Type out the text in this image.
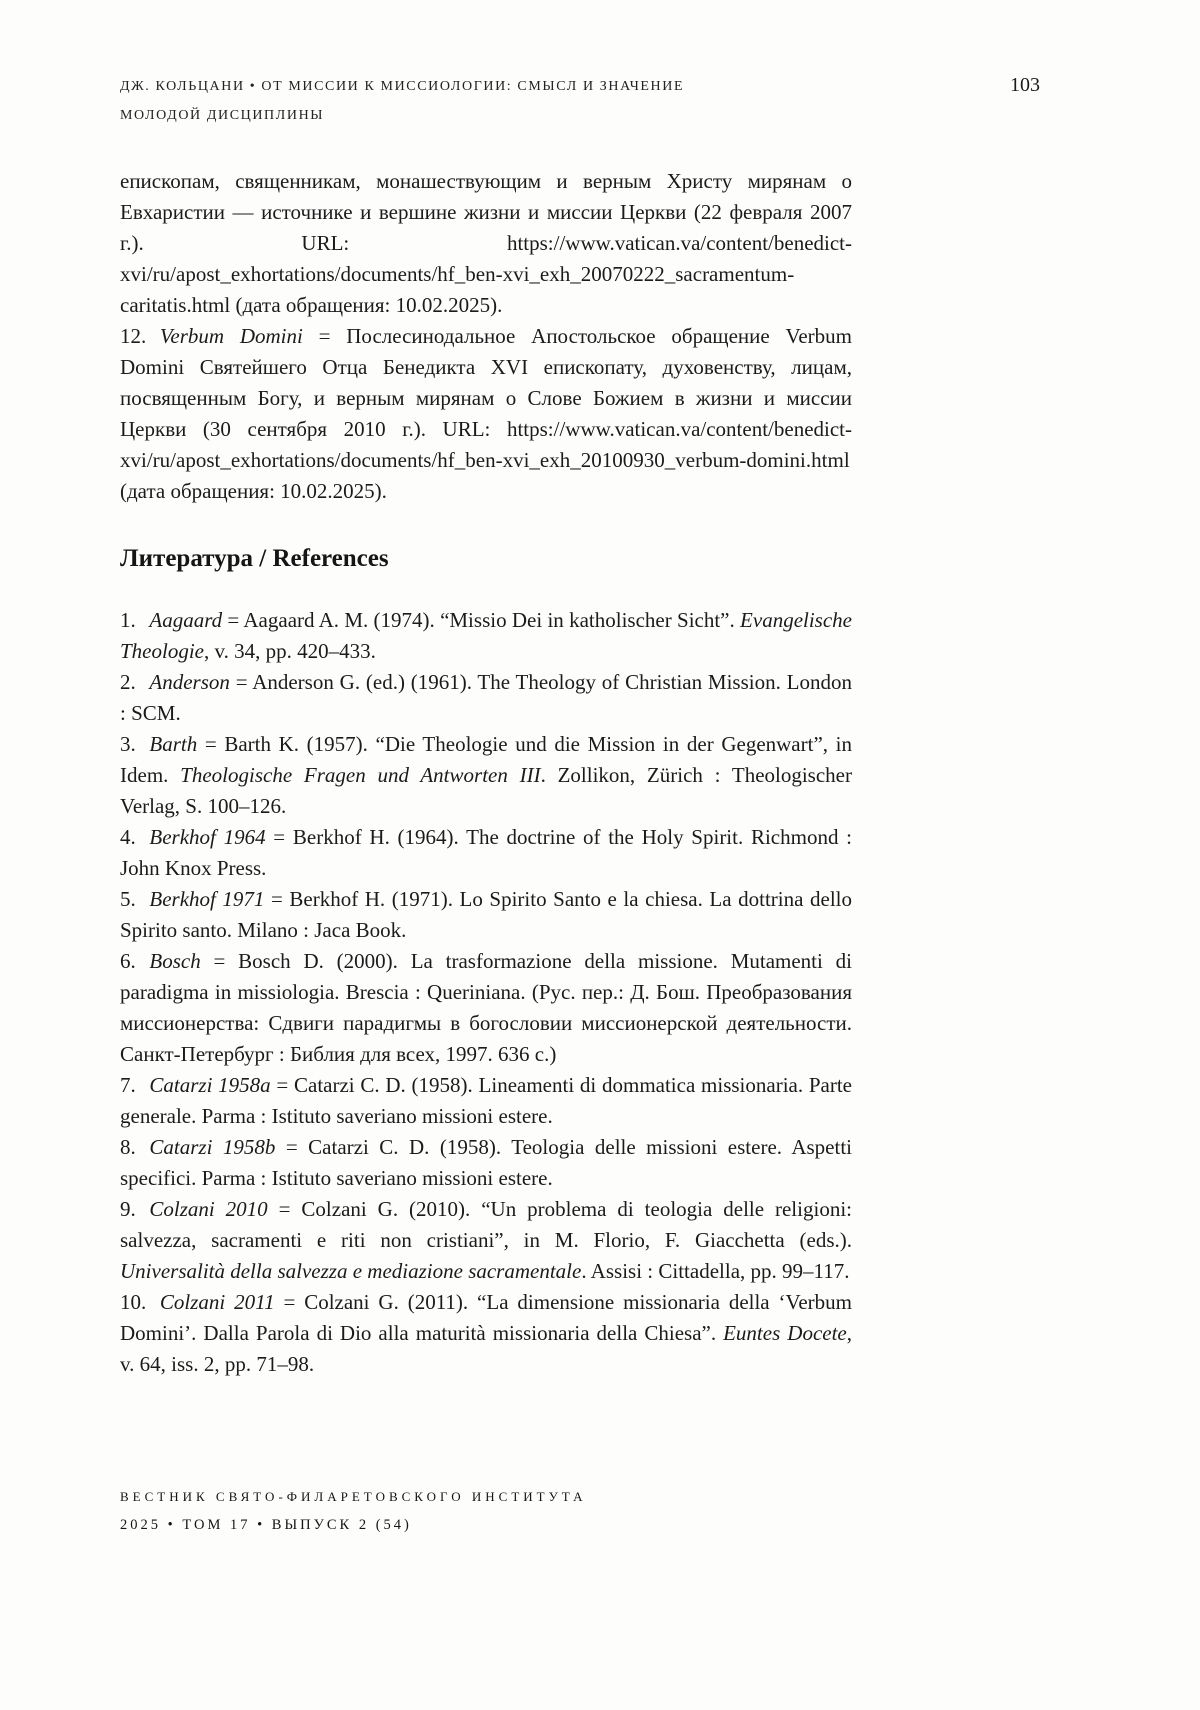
ДЖ. КОЛЬЦАНИ • ОТ МИССИИ К МИССИОЛОГИИ: СМЫСЛ И ЗНАЧЕНИЕ
МОЛОДОЙ ДИСЦИПЛИНЫ
103

епископам, священникам, монашествующим и верным Христу мирянам о Евхаристии — источнике и вершине жизни и миссии Церкви (22 февраля 2007 г.). URL: https://www.vatican.va/content/benedict-xvi/ru/apost_exhortations/documents/hf_ben-xvi_exh_20070222_sacramentum-caritatis.html (дата обращения: 10.02.2025).

12. Verbum Domini = Послесинодальное Апостольское обращение Verbum Domini Святейшего Отца Бенедикта XVI епископату, духовенству, лицам, посвященным Богу, и верным мирянам о Слове Божием в жизни и миссии Церкви (30 сентября 2010 г.). URL: https://www.vatican.va/content/benedict-xvi/ru/apost_exhortations/documents/hf_ben-xvi_exh_20100930_verbum-domini.html (дата обращения: 10.02.2025).

Литература / References

1. Aagaard = Aagaard A. M. (1974). “Missio Dei in katholischer Sicht”. Evangelische Theologie, v. 34, pp. 420–433.

2. Anderson = Anderson G. (ed.) (1961). The Theology of Christian Mission. London : SCM.

3. Barth = Barth K. (1957). “Die Theologie und die Mission in der Gegenwart”, in Idem. Theologische Fragen und Antworten III. Zollikon, Zürich : Theologischer Verlag, S. 100–126.

4. Berkhof 1964 = Berkhof H. (1964). The doctrine of the Holy Spirit. Richmond : John Knox Press.

5. Berkhof 1971 = Berkhof H. (1971). Lo Spirito Santo e la chiesa. La dottrina dello Spirito santo. Milano : Jaca Book.

6. Bosch = Bosch D. (2000). La trasformazione della missione. Mutamenti di paradigma in missiologia. Brescia : Queriniana. (Рус. пер.: Д. Бош. Преобразования миссионерства: Сдвиги парадигмы в богословии миссионерской деятельности. Санкт-Петербург : Библия для всех, 1997. 636 с.)

7. Catarzi 1958a = Catarzi C. D. (1958). Lineamenti di dommatica missionaria. Parte generale. Parma : Istituto saveriano missioni estere.

8. Catarzi 1958b = Catarzi C. D. (1958). Teologia delle missioni estere. Aspetti specifici. Parma : Istituto saveriano missioni estere.

9. Colzani 2010 = Colzani G. (2010). “Un problema di teologia delle religioni: salvezza, sacramenti e riti non cristiani”, in M. Florio, F. Giacchetta (eds.). Universalità della salvezza e mediazione sacramentale. Assisi : Cittadella, pp. 99–117.

10. Colzani 2011 = Colzani G. (2011). “La dimensione missionaria della ‘Verbum Domini’. Dalla Parola di Dio alla maturità missionaria della Chiesa”. Euntes Docete, v. 64, iss. 2, pp. 71–98.

ВЕСТНИК СВЯТО-ФИЛАРЕТОВСКОГО ИНСТИТУТА
2025 • ТОМ 17 • ВЫПУСК 2 (54)
